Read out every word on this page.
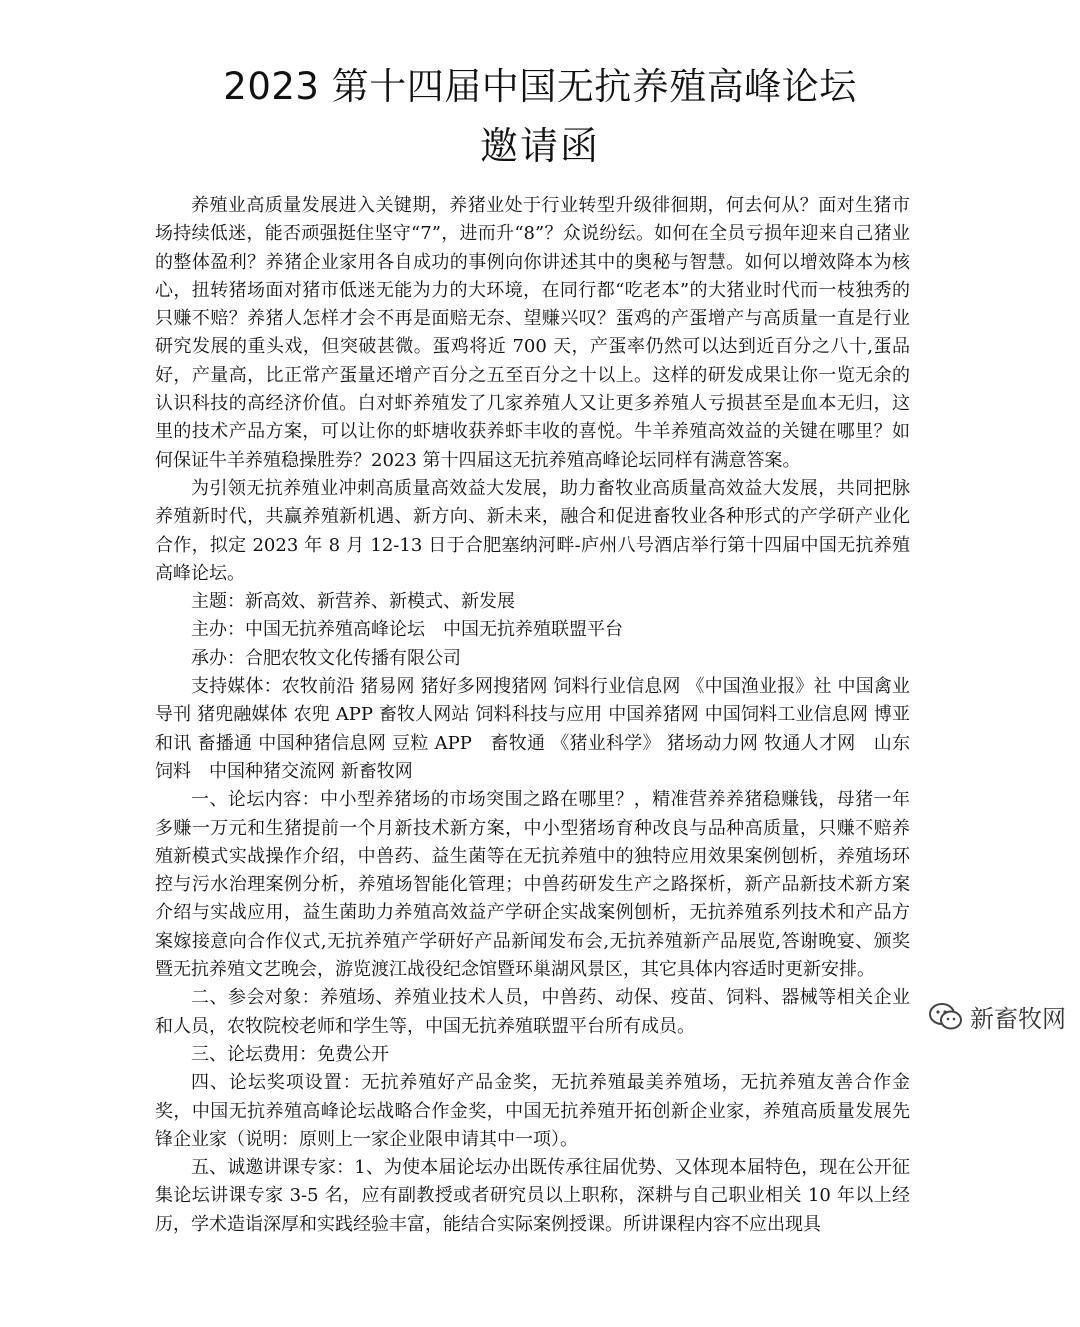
2023 第十四届中国无抗养殖高峰论坛
邀请函

养殖业高质量发展进入关键期，养猪业处于行业转型升级徘徊期，何去何从？面对生猪市场持续低迷，能否顽强挺住坚守“7”，进而升“8”？众说纷纭。如何在全员亏损年迎来自己猪业的整体盈利？养猪企业家用各自成功的事例向你讲述其中的奥秘与智慧。如何以增效降本为核心，扭转猪场面对猪市低迷无能为力的大环境，在同行都“吃老本”的大猪业时代而一枝独秀的只赚不赔？养猪人怎样才会不再是面赔无奈、望赚兴叹？蛋鸡的产蛋增产与高质量一直是行业研究发展的重头戏，但突破甚微。蛋鸡将近 700 天，产蛋率仍然可以达到近百分之八十,蛋品好，产量高，比正常产蛋量还增产百分之五至百分之十以上。这样的研发成果让你一览无余的认识科技的高经济价值。白对虾养殖发了几家养殖人又让更多养殖人亏损甚至是血本无归，这里的技术产品方案，可以让你的虾塘收获养虾丰收的喜悦。牛羊养殖高效益的关键在哪里？如何保证牛羊养殖稳操胜券？2023 第十四届这无抗养殖高峰论坛同样有满意答案。

为引领无抗养殖业冲刺高质量高效益大发展，助力畜牧业高质量高效益大发展，共同把脉养殖新时代，共赢养殖新机遇、新方向、新未来，融合和促进畜牧业各种形式的产学研产业化合作，拟定 2023 年 8 月 12-13 日于合肥塞纳河畔-庐州八号酒店举行第十四届中国无抗养殖高峰论坛。

主题：新高效、新营养、新模式、新发展

主办：中国无抗养殖高峰论坛　中国无抗养殖联盟平台

承办：合肥农牧文化传播有限公司

支持媒体：农牧前沿 猪易网 猪好多网搜猪网 饲料行业信息网 《中国渔业报》社 中国禽业导刊 猪兜融媒体 农兜 APP 畜牧人网站 饲料科技与应用 中国养猪网 中国饲料工业信息网 博亚和讯 畜播通 中国种猪信息网 豆粒 APP　畜牧通 《猪业科学》 猪场动力网 牧通人才网　山东饲料　中国种猪交流网 新畜牧网

一、论坛内容：中小型养猪场的市场突围之路在哪里？，精准营养养猪稳赚钱，母猪一年多赚一万元和生猪提前一个月新技术新方案，中小型猪场育种改良与品种高质量，只赚不赔养殖新模式实战操作介绍，中兽药、益生菌等在无抗养殖中的独特应用效果案例刨析，养殖场环控与污水治理案例分析，养殖场智能化管理；中兽药研发生产之路探析，新产品新技术新方案介绍与实战应用，益生菌助力养殖高效益产学研企实战案例刨析，无抗养殖系列技术和产品方案嫁接意向合作仪式,无抗养殖产学研好产品新闻发布会,无抗养殖新产品展览,答谢晚宴、颁奖暨无抗养殖文艺晚会，游览渡江战役纪念馆暨环巢湖风景区，其它具体内容适时更新安排。

二、参会对象：养殖场、养殖业技术人员，中兽药、动保、疫苗、饲料、器械等相关企业和人员，农牧院校老师和学生等，中国无抗养殖联盟平台所有成员。

三、论坛费用：免费公开

四、论坛奖项设置：无抗养殖好产品金奖，无抗养殖最美养殖场，无抗养殖友善合作金奖，中国无抗养殖高峰论坛战略合作金奖，中国无抗养殖开拓创新企业家，养殖高质量发展先锋企业家（说明：原则上一家企业限申请其中一项）。

五、诚邀讲课专家：1、为使本届论坛办出既传承往届优势、又体现本届特色，现在公开征集论坛讲课专家 3-5 名，应有副教授或者研究员以上职称，深耕与自己职业相关 10 年以上经历，学术造诣深厚和实践经验丰富，能结合实际案例授课。所讲课程内容不应出现具

新畜牧网
